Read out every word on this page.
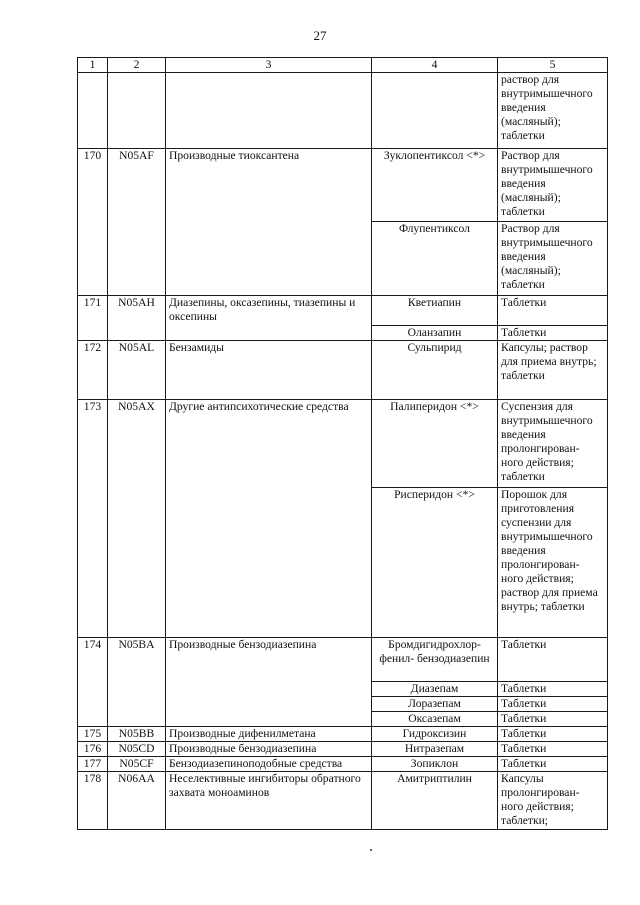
27
1	2	3	4	5
				раствор для внутримышечного введения (масляный); таблетки
170	N05AF	Производные тиоксантена	Зуклопентиксол <*>	Раствор для внутримышечного введения (масляный); таблетки
			Флупентиксол	Раствор для внутримышечного введения (масляный); таблетки
171	N05AH	Диазепины, оксазепины, тиазепины и оксепины	Кветиапин	Таблетки
			Оланзапин	Таблетки
172	N05AL	Бензамиды	Сульпирид	Капсулы; раствор для приема внутрь; таблетки
173	N05AX	Другие антипсихотические средства	Палиперидон <*>	Суспензия для внутримышечного введения пролонгирован- ного действия; таблетки
			Рисперидон <*>	Порошок для приготовления суспензии для внутримышечного введения пролонгирован- ного действия; раствор для приема внутрь; таблетки
174	N05BA	Производные бензодиазепина	Бромдигидрохлор- фенил- бензодиазепин	Таблетки
			Диазепам	Таблетки
			Лоразепам	Таблетки
			Оксазепам	Таблетки
175	N05BB	Производные дифенилметана	Гидроксизин	Таблетки
176	N05CD	Производные бензодиазепина	Нитразепам	Таблетки
177	N05CF	Бензодиазепиноподобные средства	Зопиклон	Таблетки
178	N06AA	Неселективные ингибиторы обратного захвата моноаминов	Амитриптилин	Капсулы пролонгирован- ного действия; таблетки;
